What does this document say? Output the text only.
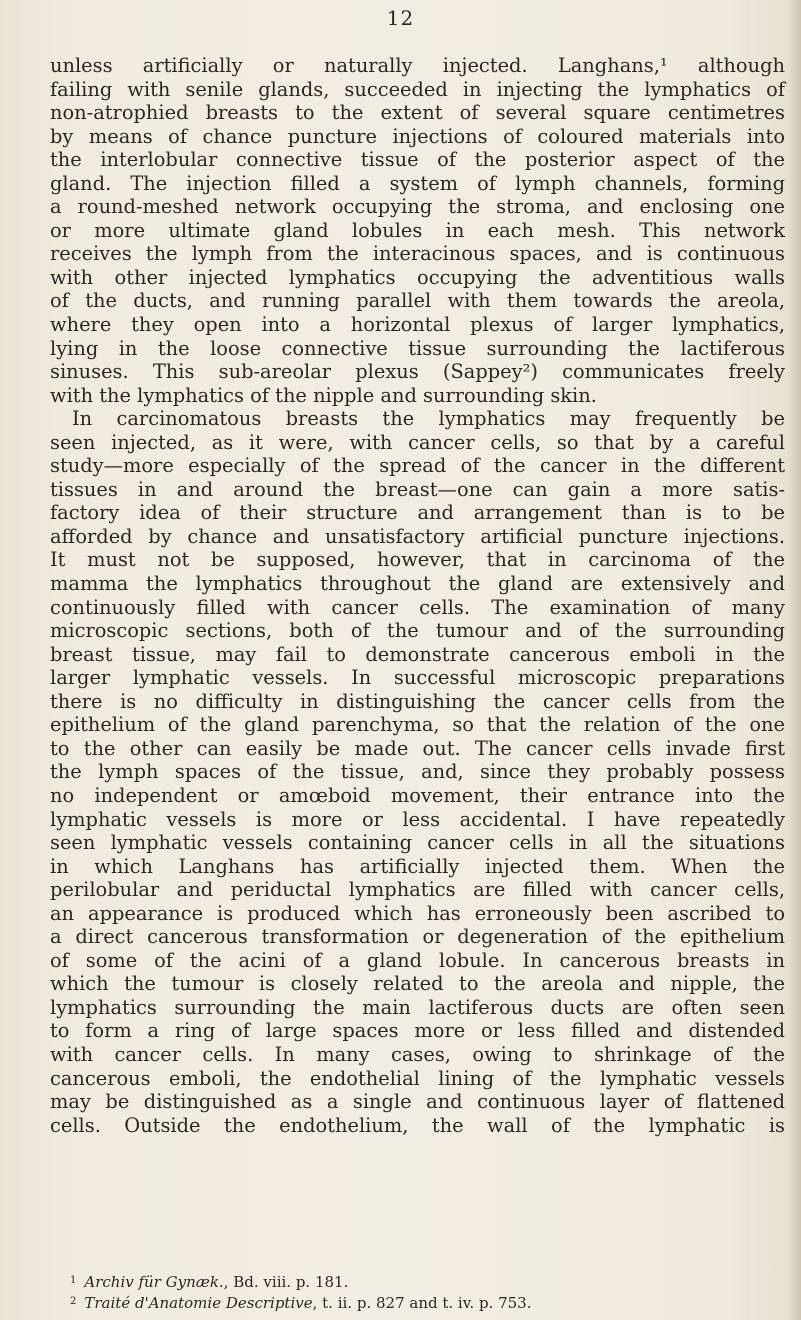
12
unless artificially or naturally injected. Langhans,¹ although
failing with senile glands, succeeded in injecting the lymphatics of
non-atrophied breasts to the extent of several square centimetres
by means of chance puncture injections of coloured materials into
the interlobular connective tissue of the posterior aspect of the
gland. The injection filled a system of lymph channels, forming
a round-meshed network occupying the stroma, and enclosing one
or more ultimate gland lobules in each mesh. This network
receives the lymph from the interacinous spaces, and is continuous
with other injected lymphatics occupying the adventitious walls
of the ducts, and running parallel with them towards the areola,
where they open into a horizontal plexus of larger lymphatics,
lying in the loose connective tissue surrounding the lactiferous
sinuses. This sub-areolar plexus (Sappey²) communicates freely
with the lymphatics of the nipple and surrounding skin.
In carcinomatous breasts the lymphatics may frequently be
seen injected, as it were, with cancer cells, so that by a careful
study—more especially of the spread of the cancer in the different
tissues in and around the breast—one can gain a more satis-
factory idea of their structure and arrangement than is to be
afforded by chance and unsatisfactory artificial puncture injections.
It must not be supposed, however, that in carcinoma of the
mamma the lymphatics throughout the gland are extensively and
continuously filled with cancer cells. The examination of many
microscopic sections, both of the tumour and of the surrounding
breast tissue, may fail to demonstrate cancerous emboli in the
larger lymphatic vessels. In successful microscopic preparations
there is no difficulty in distinguishing the cancer cells from the
epithelium of the gland parenchyma, so that the relation of the one
to the other can easily be made out. The cancer cells invade first
the lymph spaces of the tissue, and, since they probably possess
no independent or amœboid movement, their entrance into the
lymphatic vessels is more or less accidental. I have repeatedly
seen lymphatic vessels containing cancer cells in all the situations
in which Langhans has artificially injected them. When the
perilobular and periductal lymphatics are filled with cancer cells,
an appearance is produced which has erroneously been ascribed to
a direct cancerous transformation or degeneration of the epithelium
of some of the acini of a gland lobule. In cancerous breasts in
which the tumour is closely related to the areola and nipple, the
lymphatics surrounding the main lactiferous ducts are often seen
to form a ring of large spaces more or less filled and distended
with cancer cells. In many cases, owing to shrinkage of the
cancerous emboli, the endothelial lining of the lymphatic vessels
may be distinguished as a single and continuous layer of flattened
cells. Outside the endothelium, the wall of the lymphatic is
$^1$ Archiv für Gynæk., Bd. viii. p. 181.
$^2$ Traité d'Anatomie Descriptive, t. ii. p. 827 and t. iv. p. 753.
